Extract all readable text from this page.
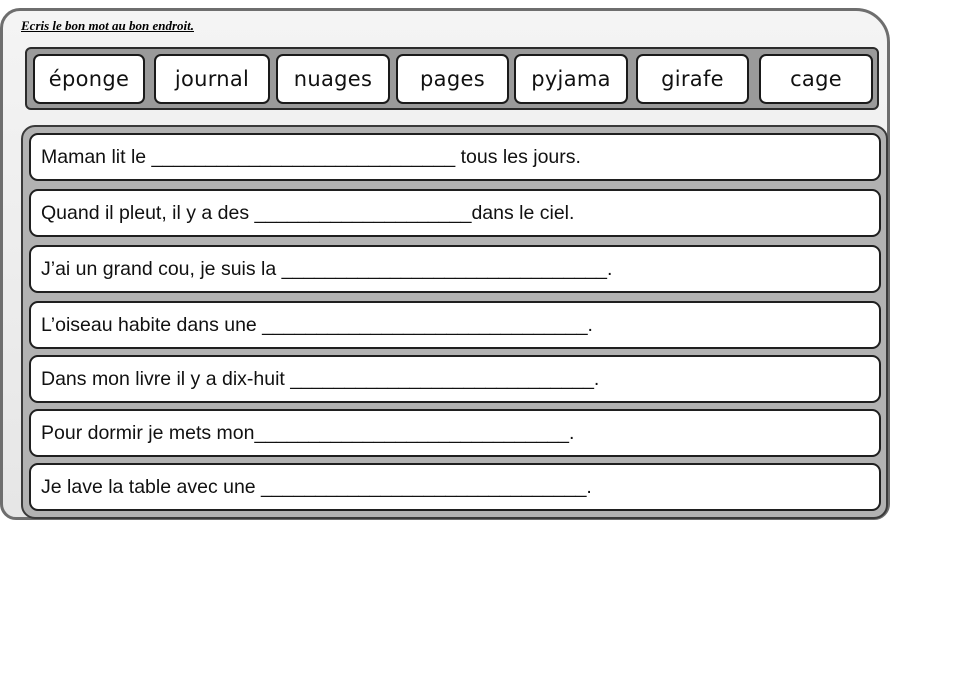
Ecris le bon mot au bon endroit.
éponge	journal	nuages	pages	pyjama	girafe	cage
Maman lit le ____________________________ tous les jours.
Quand il pleut, il y a des ____________________dans le ciel.
J’ai un grand cou, je suis la ______________________________.
L’oiseau habite dans une ______________________________.
Dans mon livre il y a dix-huit ____________________________.
Pour dormir je mets mon_____________________________.
Je lave la table avec une ______________________________.
